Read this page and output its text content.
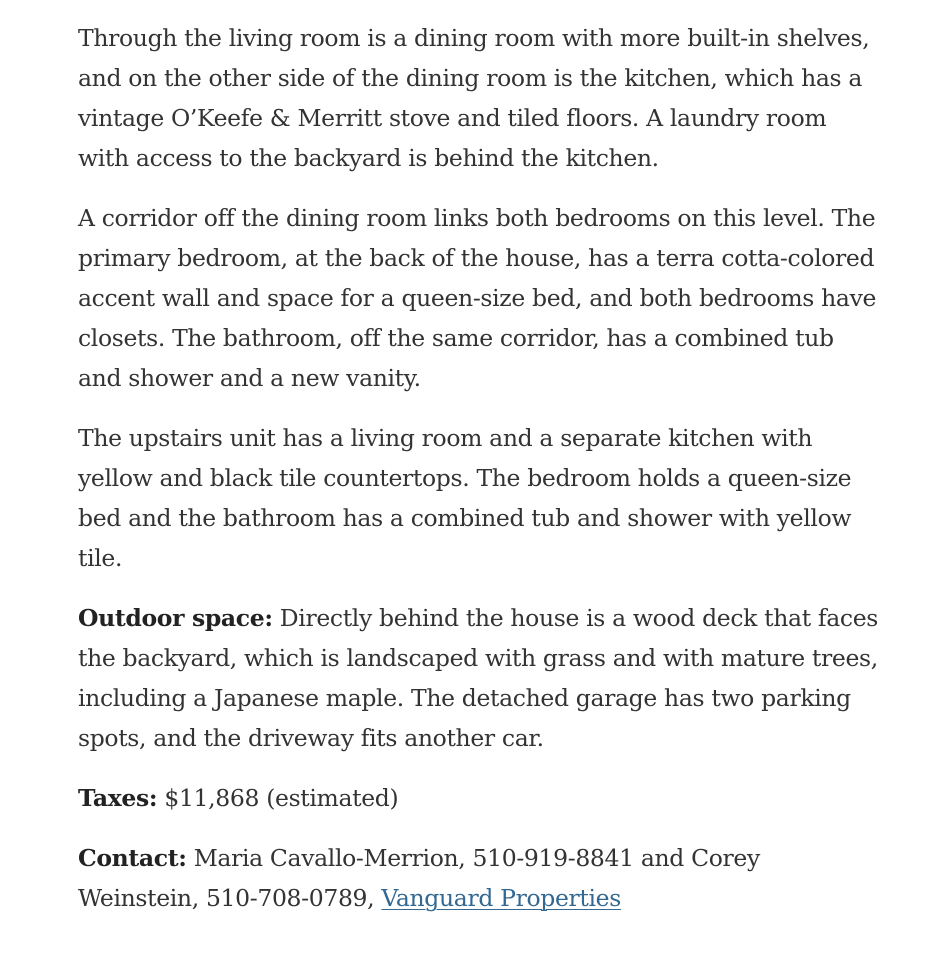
Through the living room is a dining room with more built-in shelves, and on the other side of the dining room is the kitchen, which has a vintage O’Keefe & Merritt stove and tiled floors. A laundry room with access to the backyard is behind the kitchen.

A corridor off the dining room links both bedrooms on this level. The primary bedroom, at the back of the house, has a terra cotta-colored accent wall and space for a queen-size bed, and both bedrooms have closets. The bathroom, off the same corridor, has a combined tub and shower and a new vanity.

The upstairs unit has a living room and a separate kitchen with yellow and black tile countertops. The bedroom holds a queen-size bed and the bathroom has a combined tub and shower with yellow tile.

Outdoor space: Directly behind the house is a wood deck that faces the backyard, which is landscaped with grass and with mature trees, including a Japanese maple. The detached garage has two parking spots, and the driveway fits another car.

Taxes: $11,868 (estimated)

Contact: Maria Cavallo-Merrion, 510-919-8841 and Corey Weinstein, 510-708-0789, Vanguard Properties
